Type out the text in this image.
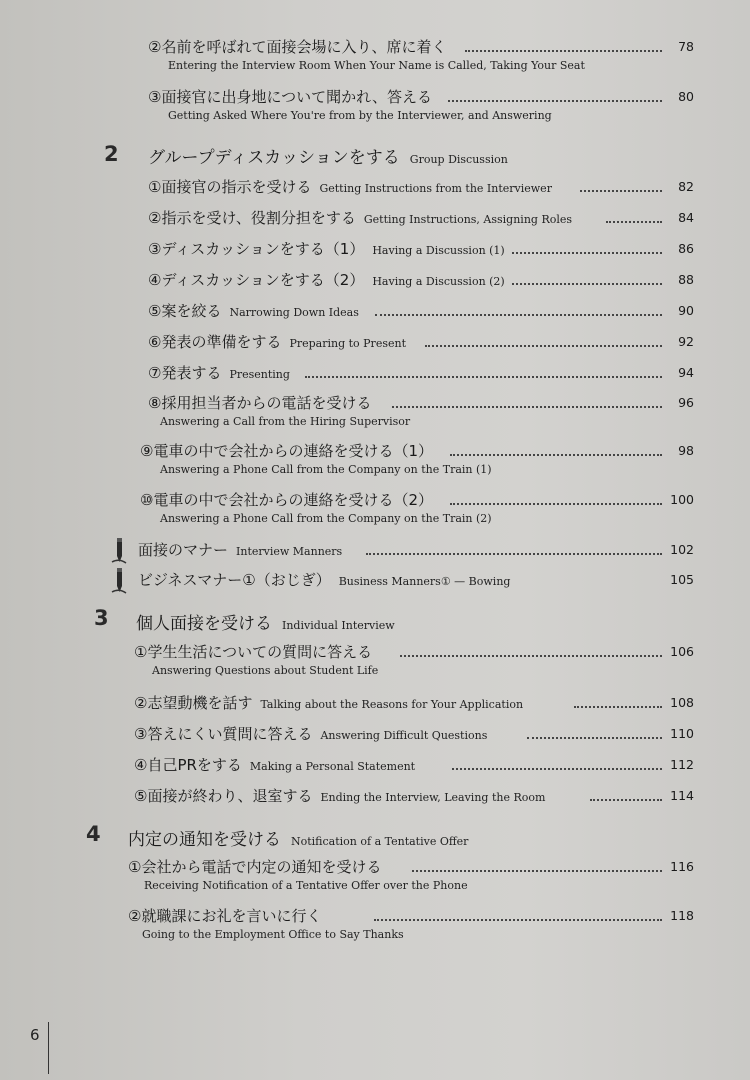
②名前を呼ばれて面接会場に入り、席に着く	78
Entering the Interview Room When Your Name is Called, Taking Your Seat
③面接官に出身地について聞かれ、答える	80
Getting Asked Where You're from by the Interviewer, and Answering
2 グループディスカッションをする Group Discussion
①面接官の指示を受ける Getting Instructions from the Interviewer	82
②指示を受け、役割分担をする Getting Instructions, Assigning Roles	84
③ディスカッションをする（1） Having a Discussion (1)	86
④ディスカッションをする（2） Having a Discussion (2)	88
⑤案を絞る Narrowing Down Ideas	90
⑥発表の準備をする Preparing to Present	92
⑦発表する Presenting	94
⑧採用担当者からの電話を受ける	96
Answering a Call from the Hiring Supervisor
⑨電車の中で会社からの連絡を受ける（1）	98
Answering a Phone Call from the Company on the Train (1)
⑩電車の中で会社からの連絡を受ける（2）	100
Answering a Phone Call from the Company on the Train (2)
面接のマナー Interview Manners	102
ビジネスマナー①（おじぎ） Business Manners① — Bowing	105
3 個人面接を受ける Individual Interview
①学生生活についての質問に答える	106
Answering Questions about Student Life
②志望動機を話す Talking about the Reasons for Your Application	108
③答えにくい質問に答える Answering Difficult Questions	110
④自己PRをする Making a Personal Statement	112
⑤面接が終わり、退室する Ending the Interview, Leaving the Room	114
4 内定の通知を受ける Notification of a Tentative Offer
①会社から電話で内定の通知を受ける	116
Receiving Notification of a Tentative Offer over the Phone
②就職課にお礼を言いに行く	118
Going to the Employment Office to Say Thanks
6
